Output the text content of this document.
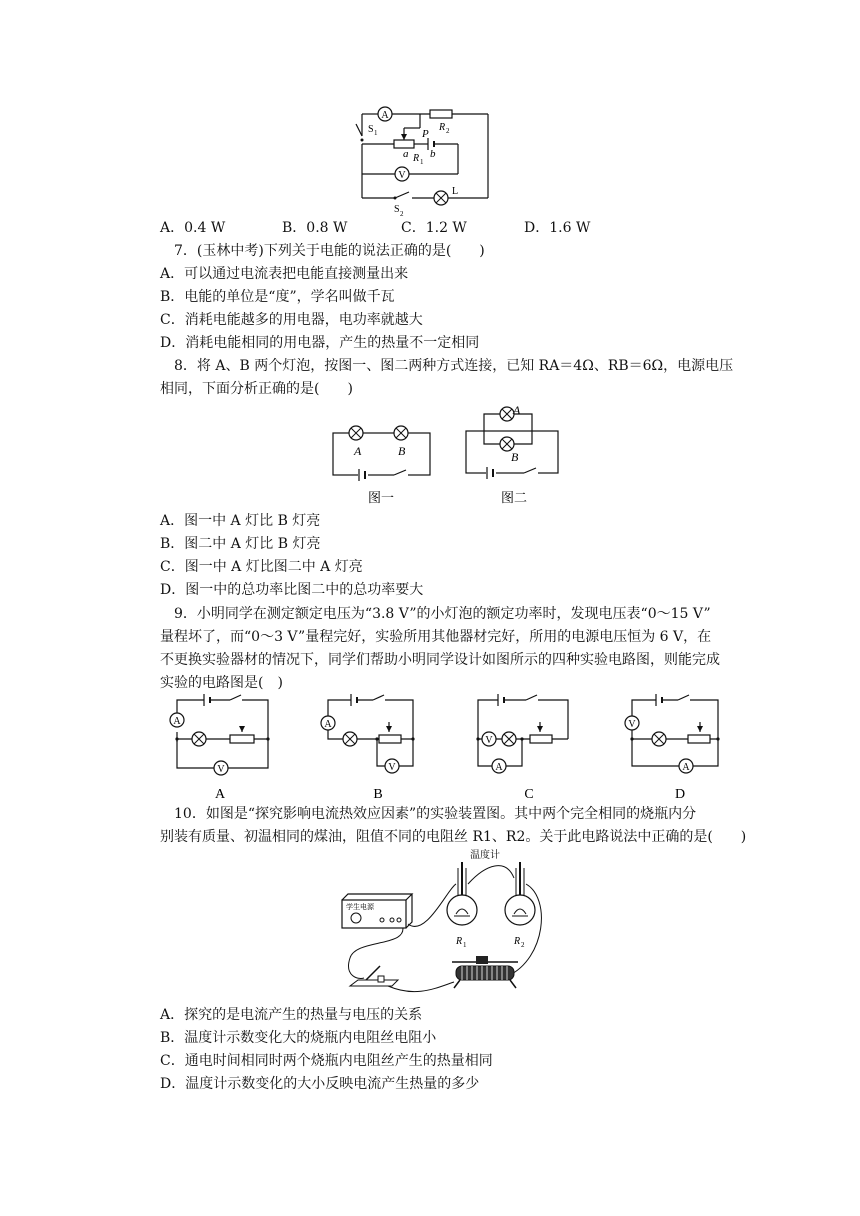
A
R 2
S 1	P
a R 1
b
V
L
S 2
A．0.4 W	B．0.8 W	C．1.2 W	D．1.6 W
7．(玉林中考)下列关于电能的说法正确的是(　　)
A．可以通过电流表把电能直接测量出来
B．电能的单位是“度”，学名叫做千瓦
C．消耗电能越多的用电器，电功率就越大
D．消耗电能相同的用电器，产生的热量不一定相同
8．将 A、B 两个灯泡，按图一、图二两种方式连接，已知 RA＝4Ω、RB＝6Ω，电源电压
相同，下面分析正确的是(　　)
A	B
图一
A
B
图二
A．图一中 A 灯比 B 灯亮
B．图二中 A 灯比 B 灯亮
C．图一中 A 灯比图二中 A 灯亮
D．图一中的总功率比图二中的总功率要大
9．小明同学在测定额定电压为“3.8 V”的小灯泡的额定功率时，发现电压表“0～15 V”
量程坏了，而“0～3 V”量程完好，实验所用其他器材完好，所用的电源电压恒为 6 V，在
不更换实验器材的情况下，同学们帮助小明同学设计如图所示的四种实验电路图，则能完成
实验的电路图是(　)
A
V
A
A
V
B
V
A
C
V
A
D
10．如图是“探究影响电流热效应因素”的实验装置图。其中两个完全相同的烧瓶内分
别装有质量、初温相同的煤油，阻值不同的电阻丝 R1、R2。关于此电路说法中正确的是(　　)
学生电源
温度计
R 1	R 2
A．探究的是电流产生的热量与电压的关系
B．温度计示数变化大的烧瓶内电阻丝电阻小
C．通电时间相同时两个烧瓶内电阻丝产生的热量相同
D．温度计示数变化的大小反映电流产生热量的多少
